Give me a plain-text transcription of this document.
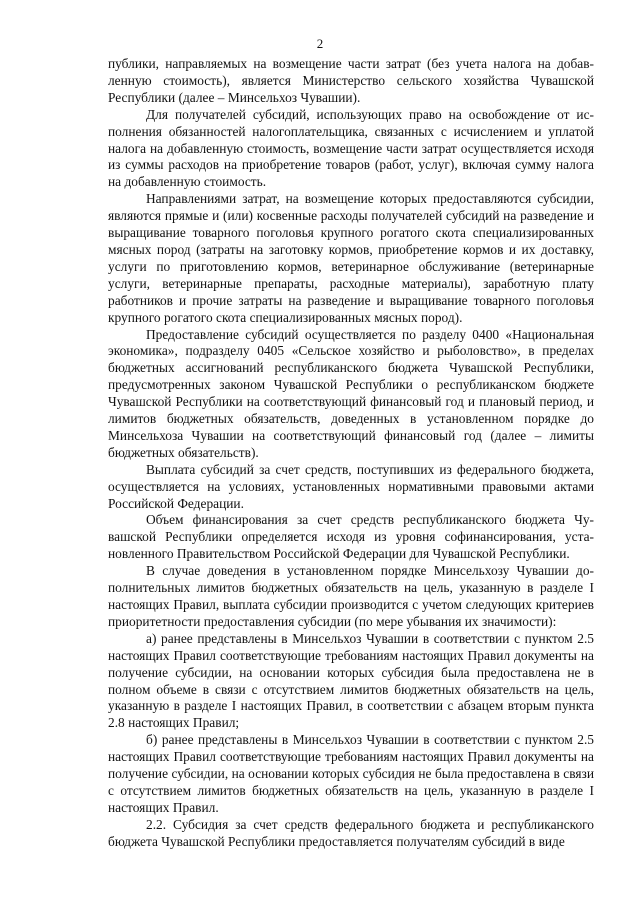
2

публики, направляемых на возмещение части затрат (без учета налога на добавленную стоимость), является Министерство сельского хозяйства Чувашской Республики (далее – Минсельхоз Чувашии).

Для получателей субсидий, использующих право на освобождение от исполнения обязанностей налогоплательщика, связанных с исчислением и уплатой налога на добавленную стоимость, возмещение части затрат осуществляется исходя из суммы расходов на приобретение товаров (работ, услуг), включая сумму налога на добавленную стоимость.

Направлениями затрат, на возмещение которых предоставляются субсидии, являются прямые и (или) косвенные расходы получателей субсидий на разведение и выращивание товарного поголовья крупного рогатого скота специализированных мясных пород (затраты на заготовку кормов, приобретение кормов и их доставку, услуги по приготовлению кормов, ветеринарное обслуживание (ветеринарные услуги, ветеринарные препараты, расходные материалы), заработную плату работников и прочие затраты на разведение и выращивание товарного поголовья крупного рогатого скота специализированных мясных пород).

Предоставление субсидий осуществляется по разделу 0400 «Национальная экономика», подразделу 0405 «Сельское хозяйство и рыболовство», в пределах бюджетных ассигнований республиканского бюджета Чувашской Республики, предусмотренных законом Чувашской Республики о республиканском бюджете Чувашской Республики на соответствующий финансовый год и плановый период, и лимитов бюджетных обязательств, доведенных в установленном порядке до Минсельхоза Чувашии на соответствующий финансовый год (далее – лимиты бюджетных обязательств).

Выплата субсидий за счет средств, поступивших из федерального бюджета, осуществляется на условиях, установленных нормативными правовыми актами Российской Федерации.

Объем финансирования за счет средств республиканского бюджета Чувашской Республики определяется исходя из уровня софинансирования, установленного Правительством Российской Федерации для Чувашской Республики.

В случае доведения в установленном порядке Минсельхозу Чувашии дополнительных лимитов бюджетных обязательств на цель, указанную в разделе I настоящих Правил, выплата субсидии производится с учетом следующих критериев приоритетности предоставления субсидии (по мере убывания их значимости):

а) ранее представлены в Минсельхоз Чувашии в соответствии с пунктом 2.5 настоящих Правил соответствующие требованиям настоящих Правил документы на получение субсидии, на основании которых субсидия была предоставлена не в полном объеме в связи с отсутствием лимитов бюджетных обязательств на цель, указанную в разделе I настоящих Правил, в соответствии с абзацем вторым пункта 2.8 настоящих Правил;

б) ранее представлены в Минсельхоз Чувашии в соответствии с пунктом 2.5 настоящих Правил соответствующие требованиям настоящих Правил документы на получение субсидии, на основании которых субсидия не была предоставлена в связи с отсутствием лимитов бюджетных обязательств на цель, указанную в разделе I настоящих Правил.

2.2. Субсидия за счет средств федерального бюджета и республиканского бюджета Чувашской Республики предоставляется получателям субсидий в виде
